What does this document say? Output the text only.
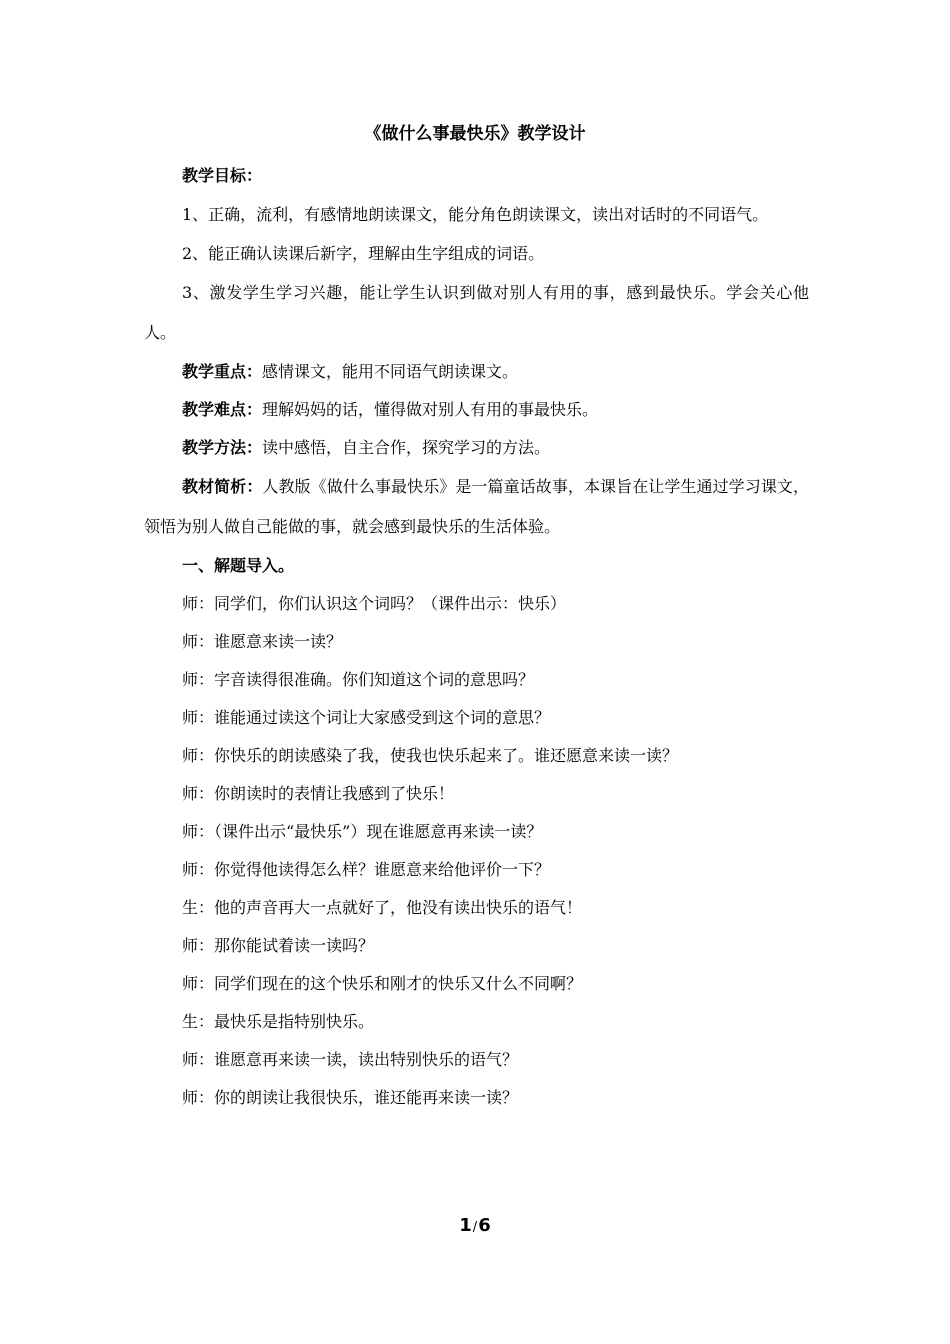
《做什么事最快乐》教学设计

教学目标：

1、正确，流利，有感情地朗读课文，能分角色朗读课文，读出对话时的不同语气。

2、能正确认读课后新字，理解由生字组成的词语。

3、激发学生学习兴趣，能让学生认识到做对别人有用的事，感到最快乐。学会关心他人。

教学重点：感情课文，能用不同语气朗读课文。

教学难点：理解妈妈的话，懂得做对别人有用的事最快乐。

教学方法：读中感悟，自主合作，探究学习的方法。

教材简析：人教版《做什么事最快乐》是一篇童话故事，本课旨在让学生通过学习课文，领悟为别人做自己能做的事，就会感到最快乐的生活体验。

一、解题导入。

师：同学们，你们认识这个词吗？（课件出示：快乐）

师：谁愿意来读一读？

师：字音读得很准确。你们知道这个词的意思吗？

师：谁能通过读这个词让大家感受到这个词的意思？

师：你快乐的朗读感染了我，使我也快乐起来了。谁还愿意来读一读？

师：你朗读时的表情让我感到了快乐！

师：（课件出示“最快乐”）现在谁愿意再来读一读？

师：你觉得他读得怎么样？谁愿意来给他评价一下？

生：他的声音再大一点就好了，他没有读出快乐的语气！

师：那你能试着读一读吗？

师：同学们现在的这个快乐和刚才的快乐又什么不同啊？

生：最快乐是指特别快乐。

师：谁愿意再来读一读，读出特别快乐的语气？

师：你的朗读让我很快乐，谁还能再来读一读？

1/6
